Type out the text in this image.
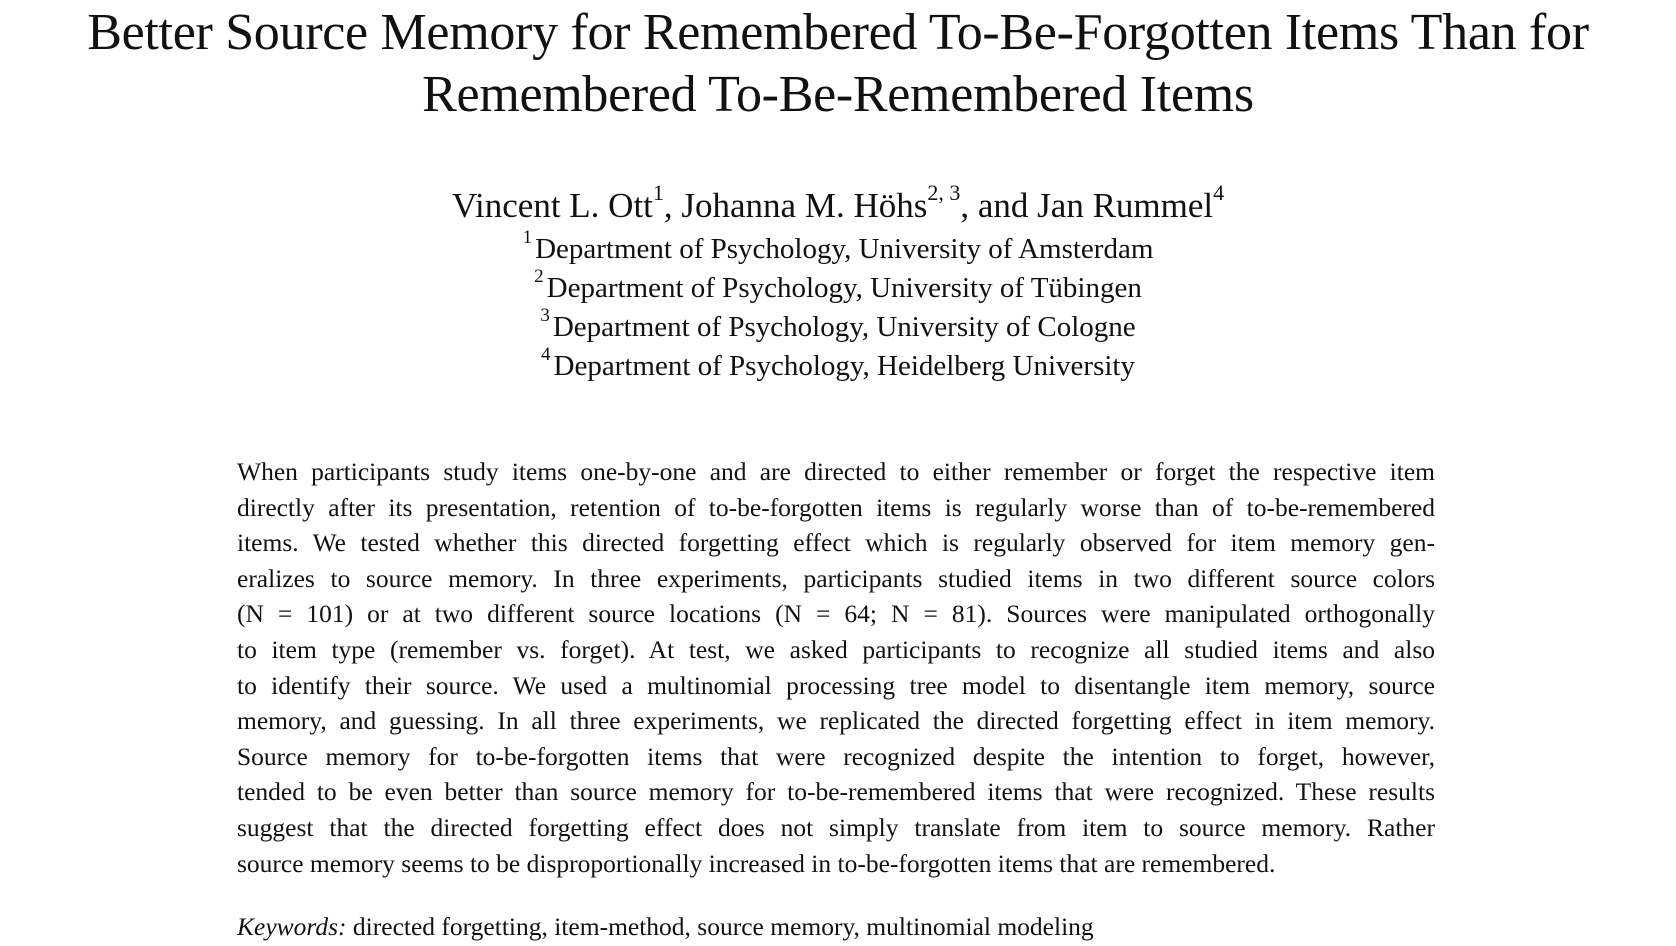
Better Source Memory for Remembered To-Be-Forgotten Items Than for
Remembered To-Be-Remembered Items
Vincent L. Ott$^1$, Johanna M. Höhs$^{2, 3}$, and Jan Rummel$^4$
$^1$ Department of Psychology, University of Amsterdam
$^2$ Department of Psychology, University of Tübingen
$^3$ Department of Psychology, University of Cologne
$^4$ Department of Psychology, Heidelberg University
When participants study items one-by-one and are directed to either remember or forget the respective item
directly after its presentation, retention of to-be-forgotten items is regularly worse than of to-be-remembered
items. We tested whether this directed forgetting effect which is regularly observed for item memory gen-
eralizes to source memory. In three experiments, participants studied items in two different source colors
(N = 101) or at two different source locations (N = 64; N = 81). Sources were manipulated orthogonally
to item type (remember vs. forget). At test, we asked participants to recognize all studied items and also
to identify their source. We used a multinomial processing tree model to disentangle item memory, source
memory, and guessing. In all three experiments, we replicated the directed forgetting effect in item memory.
Source memory for to-be-forgotten items that were recognized despite the intention to forget, however,
tended to be even better than source memory for to-be-remembered items that were recognized. These results
suggest that the directed forgetting effect does not simply translate from item to source memory. Rather
source memory seems to be disproportionally increased in to-be-forgotten items that are remembered.
Keywords: directed forgetting, item-method, source memory, multinomial modeling
